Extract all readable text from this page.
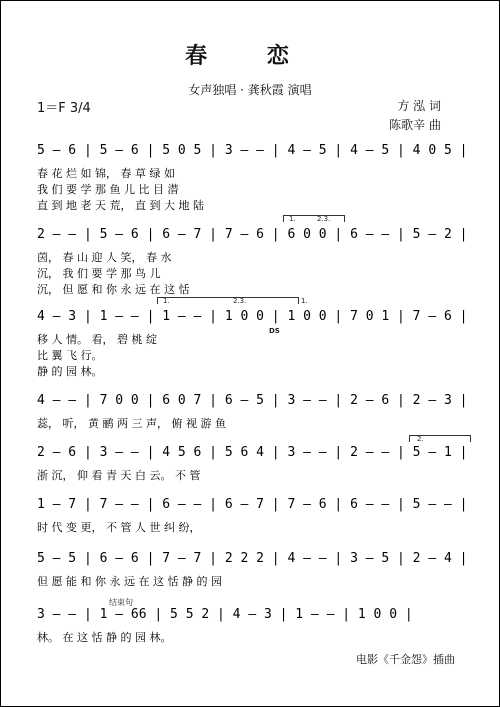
春 恋
女声独唱 · 龚秋霞 演唱
1＝F 3/4	方 泓 词
陈歌辛 曲
5 – 6 | 5 – 6 | 5 0 5 | 3 – – | 4 – 5 | 4 – 5 | 4 0 5 |
春 花 烂 如 锦， 春 草 绿 如
我 们 要 学 那 鱼 儿 比 目 潜
直 到 地 老 天 荒， 直 到 大 地 陆
1.	2.3.
2 – – | 5 – 6 | 6 – 7 | 7 – 6 | 6 0 0 | 6 – – | 5 – 2 |
茵， 春 山 迎 人 笑， 春 水
沉， 我 们 要 学 那 鸟 儿
沉， 但 愿 和 你 永 远 在 这 恬
1.	2.3.	1.
4 – 3 | 1 – – | 1 – – | 1 0 0 | 1 0 0 | 7 0 1 | 7 – 6 |
DS
移 人 情。 看， 碧 桃 绽
比 翼 飞 行。
静 的 园 林。
4 – – | 7 0 0 | 6 0 7 | 6 – 5 | 3 – – | 2 – 6 | 2 – 3 |
蕊， 听， 黄 鹂 两 三 声， 俯 视 游 鱼
2.
2 – 6 | 3 – – | 4 5 6 | 5 6 4 | 3 – – | 2 – – | 5 – 1 |
浙 沉， 仰 看 青 天 白 云。 不 管
1 – 7 | 7 – – | 6 – – | 6 – 7 | 7 – 6 | 6 – – | 5 – – |
时 代 变 更， 不 管 人 世 纠 纷，
5 – 5 | 6 – 6 | 7 – 7 | 2 2 2 | 4 – – | 3 – 5 | 2 – 4 |
但 愿 能 和 你 永 远 在 这 恬 静 的 园
结束句
3 – – | 1 – 66 | 5 5 2 | 4 – 3 | 1 – – | 1 0 0 |
林。 在 这 恬 静 的 园 林。
电影《千金怨》插曲
